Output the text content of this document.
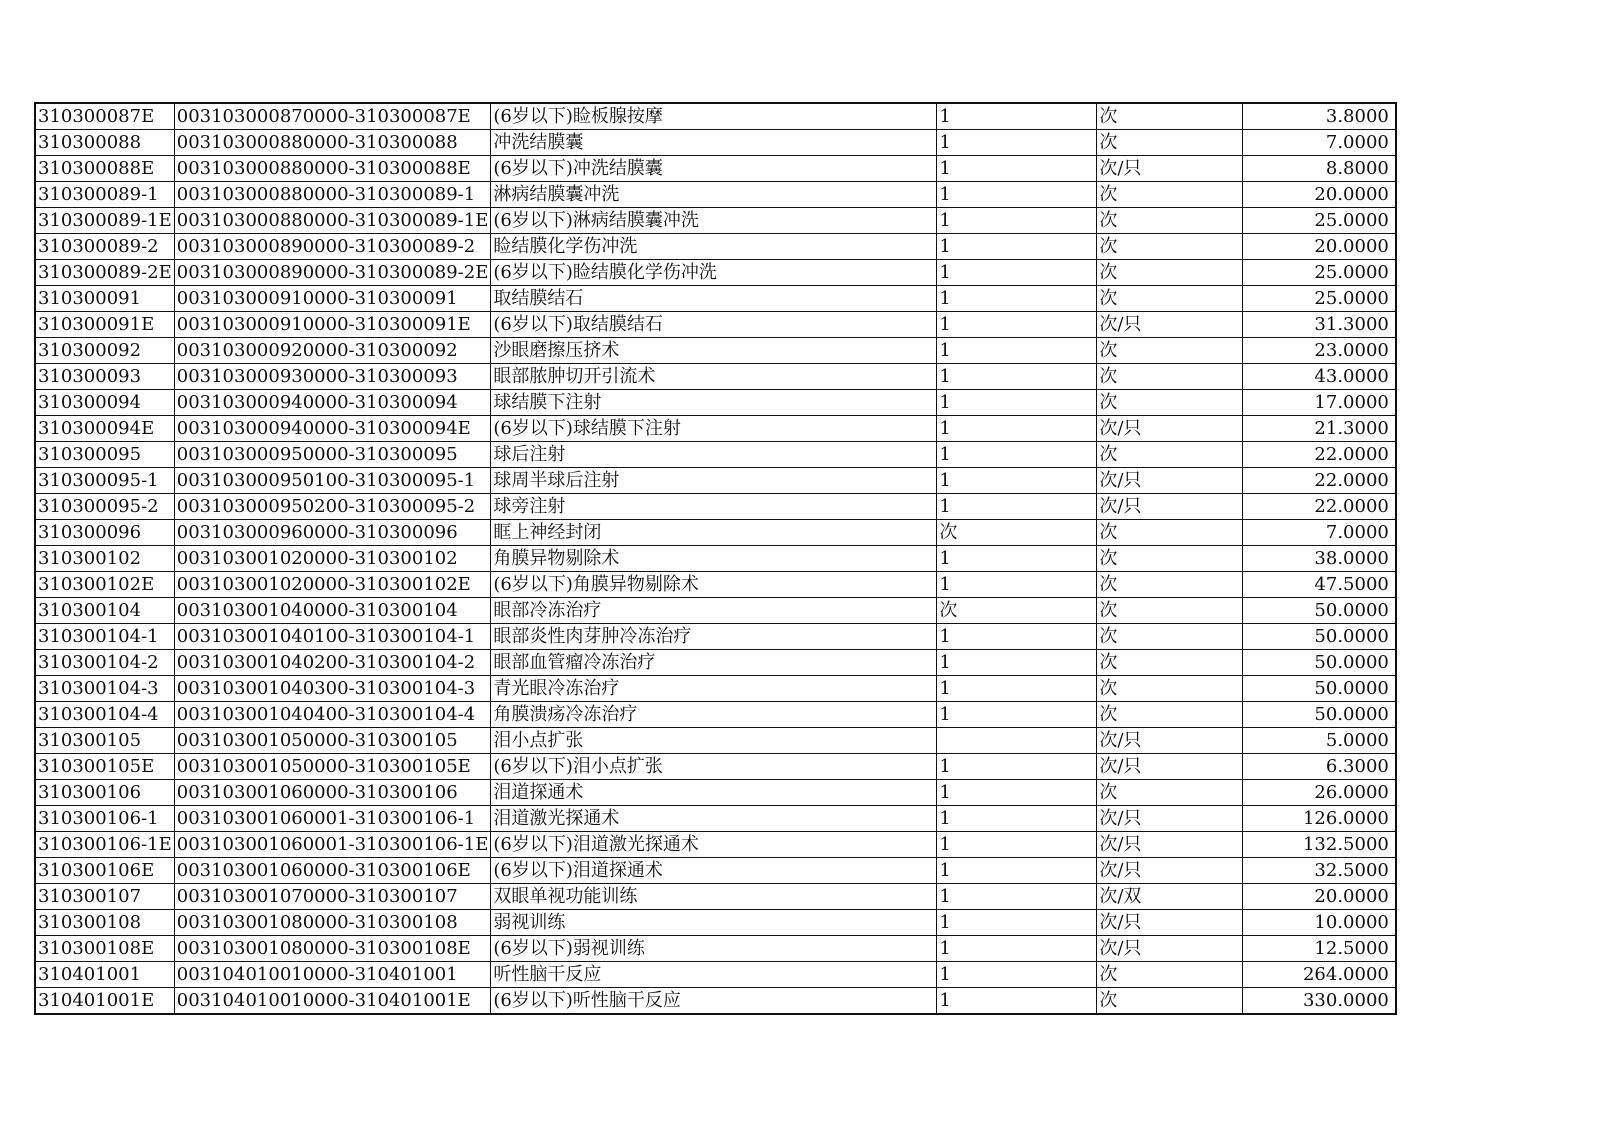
310300087E	003103000870000-310300087E	(6岁以下)睑板腺按摩	1	次	3.8000
310300088	003103000880000-310300088	冲洗结膜囊	1	次	7.0000
310300088E	003103000880000-310300088E	(6岁以下)冲洗结膜囊	1	次/只	8.8000
310300089-1	003103000880000-310300089-1	淋病结膜囊冲洗	1	次	20.0000
310300089-1E	003103000880000-310300089-1E	(6岁以下)淋病结膜囊冲洗	1	次	25.0000
310300089-2	003103000890000-310300089-2	睑结膜化学伤冲洗	1	次	20.0000
310300089-2E	003103000890000-310300089-2E	(6岁以下)睑结膜化学伤冲洗	1	次	25.0000
310300091	003103000910000-310300091	取结膜结石	1	次	25.0000
310300091E	003103000910000-310300091E	(6岁以下)取结膜结石	1	次/只	31.3000
310300092	003103000920000-310300092	沙眼磨擦压挤术	1	次	23.0000
310300093	003103000930000-310300093	眼部脓肿切开引流术	1	次	43.0000
310300094	003103000940000-310300094	球结膜下注射	1	次	17.0000
310300094E	003103000940000-310300094E	(6岁以下)球结膜下注射	1	次/只	21.3000
310300095	003103000950000-310300095	球后注射	1	次	22.0000
310300095-1	003103000950100-310300095-1	球周半球后注射	1	次/只	22.0000
310300095-2	003103000950200-310300095-2	球旁注射	1	次/只	22.0000
310300096	003103000960000-310300096	眶上神经封闭	次	次	7.0000
310300102	003103001020000-310300102	角膜异物剔除术	1	次	38.0000
310300102E	003103001020000-310300102E	(6岁以下)角膜异物剔除术	1	次	47.5000
310300104	003103001040000-310300104	眼部冷冻治疗	次	次	50.0000
310300104-1	003103001040100-310300104-1	眼部炎性肉芽肿冷冻治疗	1	次	50.0000
310300104-2	003103001040200-310300104-2	眼部血管瘤冷冻治疗	1	次	50.0000
310300104-3	003103001040300-310300104-3	青光眼冷冻治疗	1	次	50.0000
310300104-4	003103001040400-310300104-4	角膜溃疡冷冻治疗	1	次	50.0000
310300105	003103001050000-310300105	泪小点扩张		次/只	5.0000
310300105E	003103001050000-310300105E	(6岁以下)泪小点扩张	1	次/只	6.3000
310300106	003103001060000-310300106	泪道探通术	1	次	26.0000
310300106-1	003103001060001-310300106-1	泪道激光探通术	1	次/只	126.0000
310300106-1E	003103001060001-310300106-1E	(6岁以下)泪道激光探通术	1	次/只	132.5000
310300106E	003103001060000-310300106E	(6岁以下)泪道探通术	1	次/只	32.5000
310300107	003103001070000-310300107	双眼单视功能训练	1	次/双	20.0000
310300108	003103001080000-310300108	弱视训练	1	次/只	10.0000
310300108E	003103001080000-310300108E	(6岁以下)弱视训练	1	次/只	12.5000
310401001	003104010010000-310401001	听性脑干反应	1	次	264.0000
310401001E	003104010010000-310401001E	(6岁以下)听性脑干反应	1	次	330.0000
